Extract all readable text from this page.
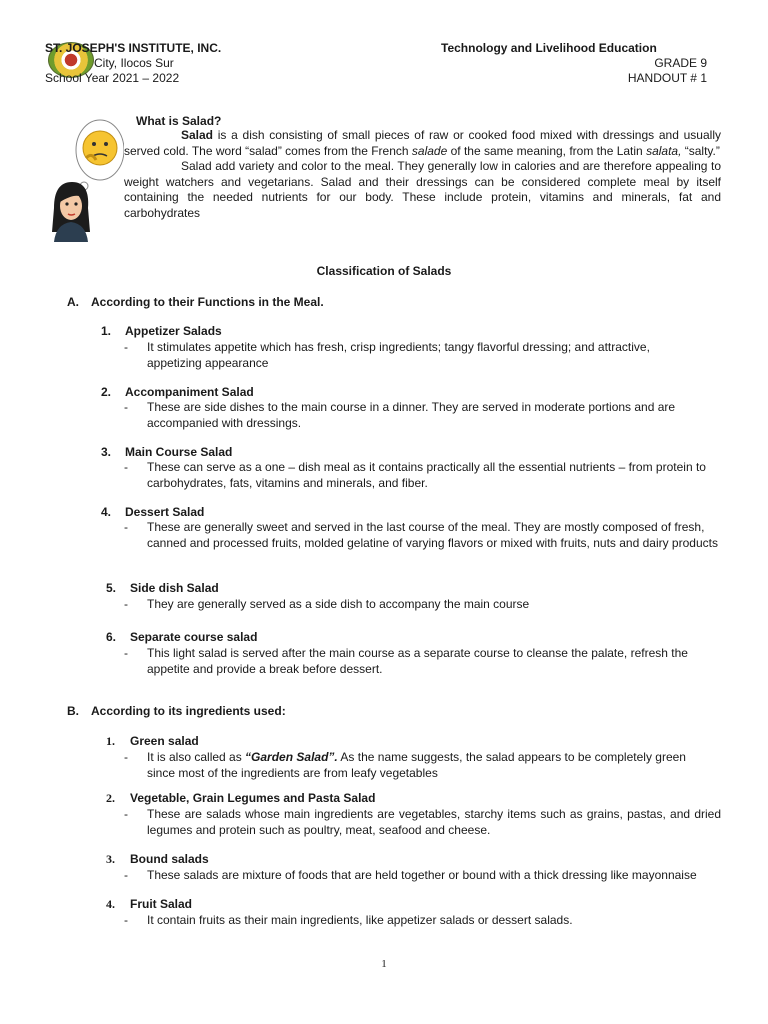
ST. JOSEPH'S INSTITUTE, INC.
City, Ilocos Sur
School Year 2021 – 2022
Technology and Livelihood Education
GRADE 9
HANDOUT # 1
What is Salad?

Salad is a dish consisting of small pieces of raw or cooked food mixed with dressings and usually served cold. The word “salad” comes from the French salade of the same meaning, from the Latin salata, “salty.”

Salad add variety and color to the meal. They generally low in calories and are therefore appealing to weight watchers and vegetarians. Salad and their dressings can be considered complete meal by itself containing the needed nutrients for our body. These include protein, vitamins and minerals, fat and carbohydrates

Classification of Salads
A. According to their Functions in the Meal.
1. Appetizer Salads
-	It stimulates appetite which has fresh, crisp ingredients; tangy flavorful dressing; and attractive, appetizing appearance
2. Accompaniment Salad
-	These are side dishes to the main course in a dinner. They are served in moderate portions and are accompanied with dressings.
3. Main Course Salad
-	These can serve as a one – dish meal as it contains practically all the essential nutrients – from protein to carbohydrates, fats, vitamins and minerals, and fiber.
4. Dessert Salad
-	These are generally sweet and served in the last course of the meal. They are mostly composed of fresh, canned and processed fruits, molded gelatine of varying flavors or mixed with fruits, nuts and dairy products
5. Side dish Salad
-	They are generally served as a side dish to accompany the main course
6. Separate course salad
-	This light salad is served after the main course as a separate course to cleanse the palate, refresh the appetite and provide a break before dessert.
B. According to its ingredients used:
1. Green salad
-	It is also called as “Garden Salad”. As the name suggests, the salad appears to be completely green since most of the ingredients are from leafy vegetables
2. Vegetable, Grain Legumes and Pasta Salad
-	These are salads whose main ingredients are vegetables, starchy items such as grains, pastas, and dried legumes and protein such as poultry, meat, seafood and cheese.
3. Bound salads
-	These salads are mixture of foods that are held together or bound with a thick dressing like mayonnaise
4. Fruit Salad
-	It contain fruits as their main ingredients, like appetizer salads or dessert salads.
1
